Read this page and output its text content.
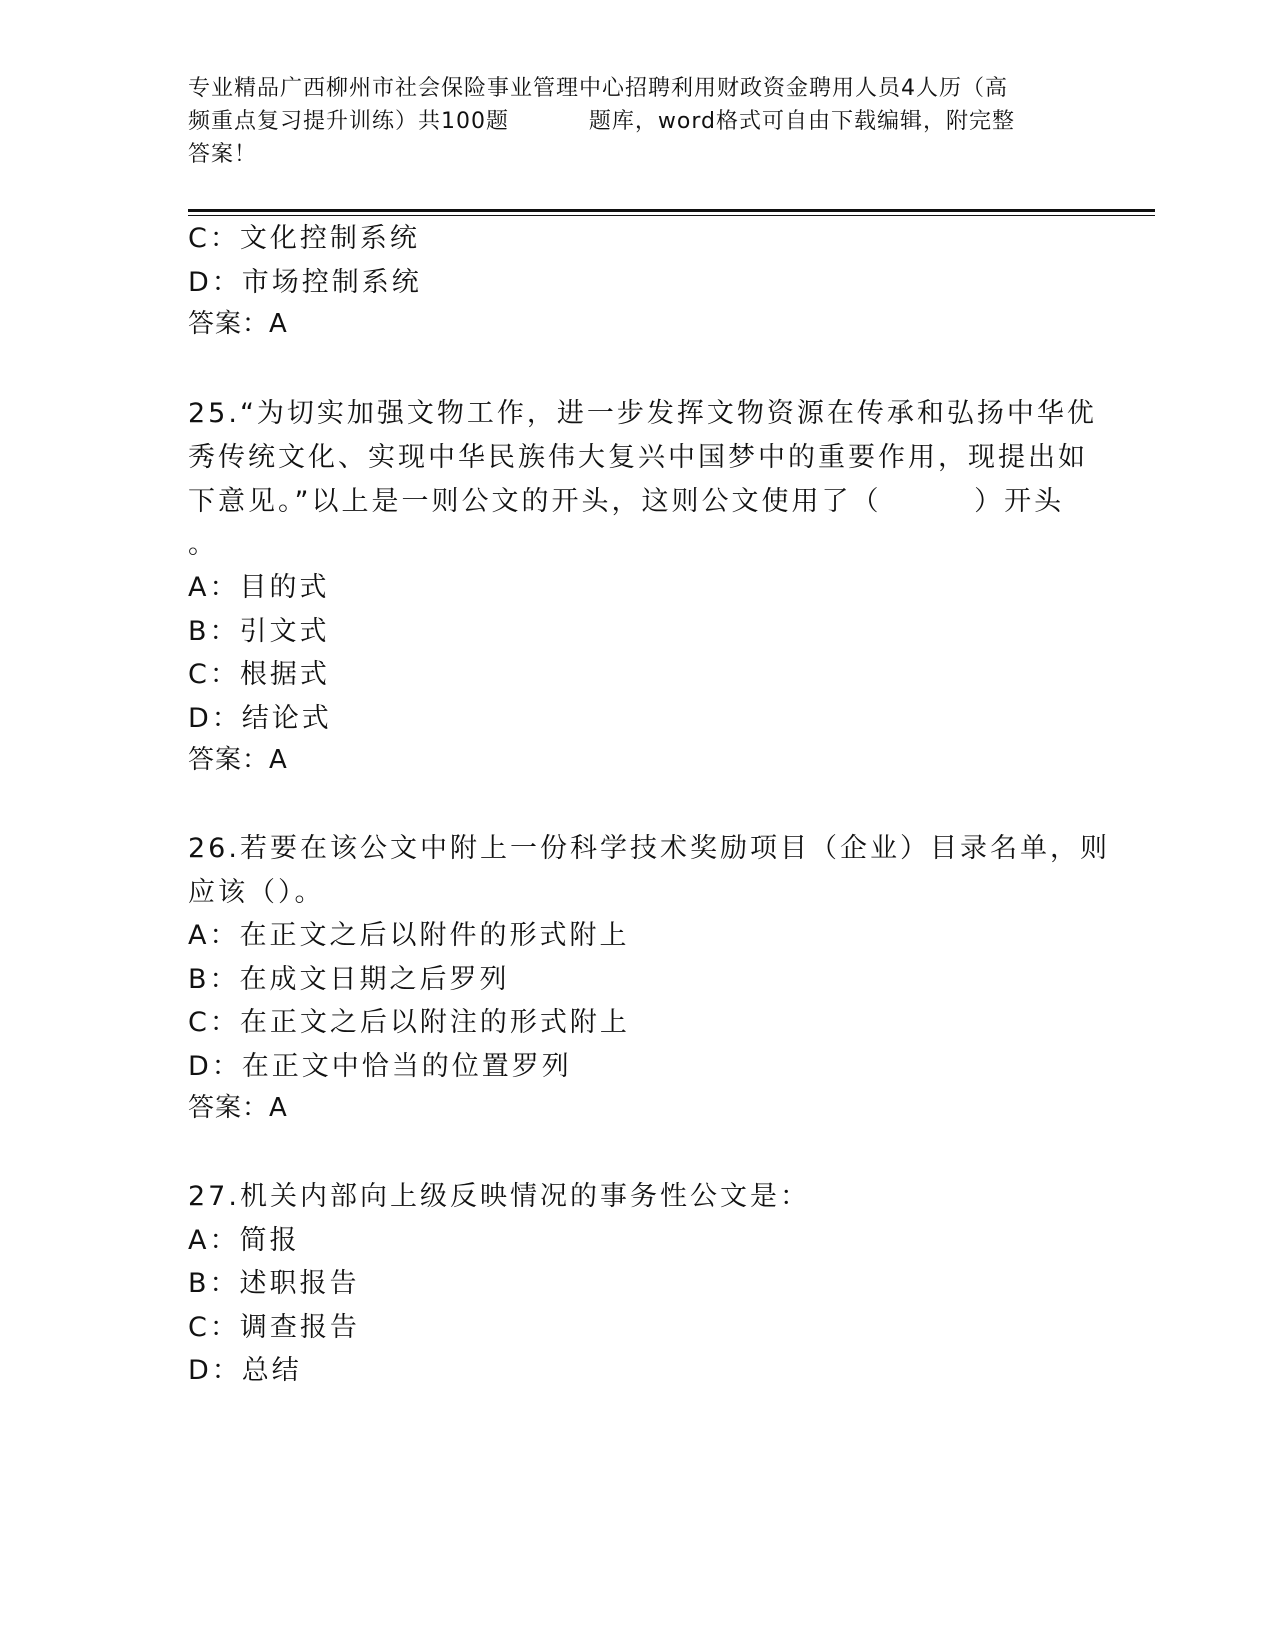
专业精品广西柳州市社会保险事业管理中心招聘利用财政资金聘用人员4人历（高
频重点复习提升训练）共100题          题库，word格式可自由下载编辑，附完整
答案！
C：文化控制系统
D：市场控制系统
答案：A
25.“为切实加强文物工作，进一步发挥文物资源在传承和弘扬中华优
秀传统文化、实现中华民族伟大复兴中国梦中的重要作用，现提出如
下意见。”以上是一则公文的开头，这则公文使用了（        ）开头
。
A：目的式
B：引文式
C：根据式
D：结论式
答案：A
26.若要在该公文中附上一份科学技术奖励项目（企业）目录名单，则
应该（）。
A：在正文之后以附件的形式附上
B：在成文日期之后罗列
C：在正文之后以附注的形式附上
D：在正文中恰当的位置罗列
答案：A
27.机关内部向上级反映情况的事务性公文是：
A：简报
B：述职报告
C：调查报告
D：总结
